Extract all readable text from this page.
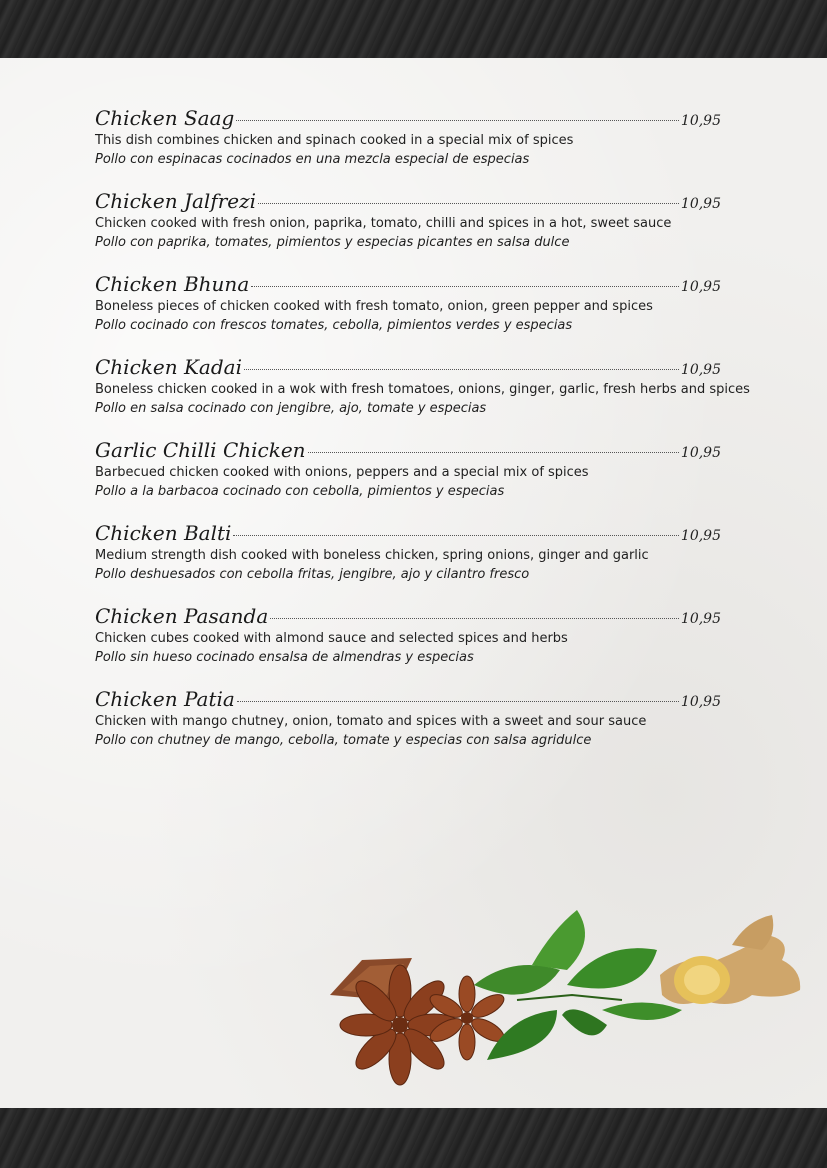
Chicken Saag	10,95
This dish combines chicken and spinach cooked in a special mix of spices
Pollo con espinacas cocinados en una mezcla especial de especias
Chicken Jalfrezi	10,95
Chicken cooked with fresh onion, paprika, tomato, chilli and spices in a hot, sweet sauce
Pollo con paprika, tomates, pimientos y especias picantes en salsa dulce
Chicken Bhuna	10,95
Boneless pieces of chicken cooked with fresh tomato, onion, green pepper and spices
Pollo cocinado con frescos tomates, cebolla, pimientos verdes y especias
Chicken Kadai	10,95
Boneless chicken cooked in a wok with fresh tomatoes, onions, ginger, garlic, fresh herbs and spices
Pollo en salsa cocinado con jengibre, ajo, tomate y especias
Garlic Chilli Chicken	10,95
Barbecued chicken cooked with onions, peppers and a special mix of spices
Pollo a la barbacoa cocinado con cebolla, pimientos y especias
Chicken Balti	10,95
Medium strength dish cooked with boneless chicken, spring onions, ginger and garlic
Pollo deshuesados con cebolla fritas, jengibre, ajo y cilantro fresco
Chicken Pasanda	10,95
Chicken cubes cooked with almond sauce and selected spices and herbs
Pollo sin hueso cocinado ensalsa de almendras y especias
Chicken Patia	10,95
Chicken with mango chutney, onion, tomato and spices with a sweet and sour sauce
Pollo con chutney de mango, cebolla, tomate y especias con salsa agridulce
